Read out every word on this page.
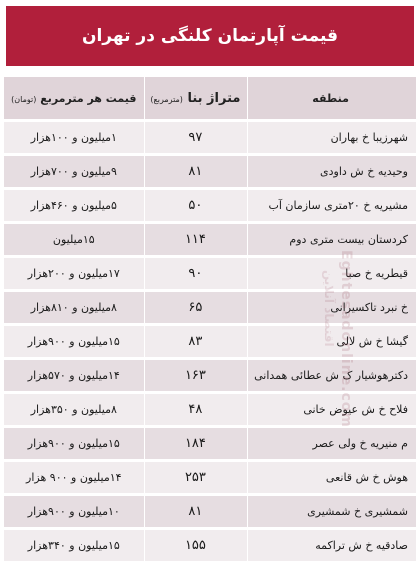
قیمت آپارتمان کلنگی در تهران
منطقه		متراژ بنا (مترمربع)		قیمت هر مترمربع (تومان)
شهرزیبا خ بهاران		۹۷		۱میلیون و ۱۰۰هزار
وحیدیه خ ش داودی		۸۱		۹میلیون و ۷۰۰هزار
مشیریه خ ۲۰متری سازمان آب		۵۰		۵میلیون و ۴۶۰هزار
کردستان بیست متری دوم		۱۱۴		۱۵میلیون
قیطریه خ صبا		۹۰		۱۷میلیون و ۲۰۰هزار
خ نبرد تاکسیرانی		۶۵		۸میلیون و ۸۱۰هزار
گیشا خ ش لالی		۸۳		۱۵میلیون و ۹۰۰هزار
دکترهوشیار ک ش عطائی همدانی		۱۶۳		۱۴میلیون و ۵۷۰هزار
فلاح خ ش عیوض خانی		۴۸		۸میلیون و ۳۵۰هزار
م منیریه خ ولی عصر		۱۸۴		۱۵میلیون و ۹۰۰هزار
هوش خ ش قانعی		۲۵۳		۱۴میلیون و ۹۰۰ هزار
شمشیری خ شمشیری		۸۱		۱۰میلیون و ۹۰۰هزار
صادقیه خ ش تراکمه		۱۵۵		۱۵میلیون و ۳۴۰هزار
Eghtesadonline.com
اقتصاد آنلاین
